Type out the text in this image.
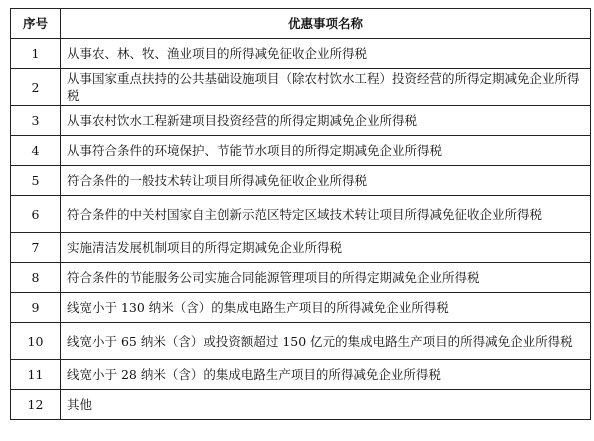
序号	优惠事项名称
1	从事农、林、牧、渔业项目的所得减免征收企业所得税
2	从事国家重点扶持的公共基础设施项目（除农村饮水工程）投资经营的所得定期减免企业所得税
3	从事农村饮水工程新建项目投资经营的所得定期减免企业所得税
4	从事符合条件的环境保护、节能节水项目的所得定期减免企业所得税
5	符合条件的一般技术转让项目所得减免征收企业所得税
6	符合条件的中关村国家自主创新示范区特定区域技术转让项目所得减免征收企业所得税
7	实施清洁发展机制项目的所得定期减免企业所得税
8	符合条件的节能服务公司实施合同能源管理项目的所得定期减免企业所得税
9	线宽小于 130 纳米（含）的集成电路生产项目的所得减免企业所得税
10	线宽小于 65 纳米（含）或投资额超过 150 亿元的集成电路生产项目的所得减免企业所得税
11	线宽小于 28 纳米（含）的集成电路生产项目的所得减免企业所得税
12	其他
